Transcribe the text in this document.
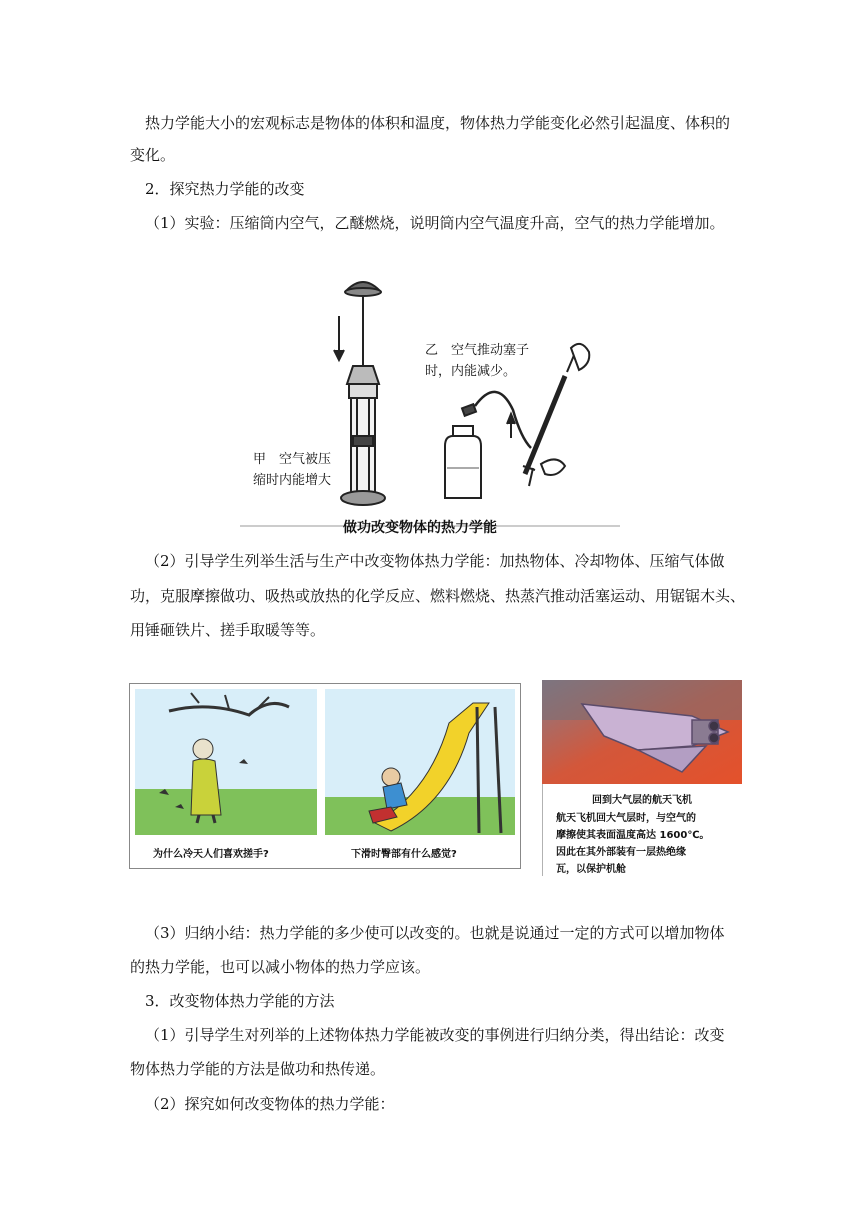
热力学能大小的宏观标志是物体的体积和温度，物体热力学能变化必然引起温度、体积的
变化。
2．探究热力学能的改变
（1）实验：压缩筒内空气，乙醚燃烧，说明筒内空气温度升高，空气的热力学能增加。
甲　空气被压
缩时内能增大
乙　空气推动塞子
时，内能减少。
做功改变物体的热力学能
（2）引导学生列举生活与生产中改变物体热力学能：加热物体、冷却物体、压缩气体做
功，克服摩擦做功、吸热或放热的化学反应、燃料燃烧、热蒸汽推动活塞运动、用锯锯木头、
用锤砸铁片、搓手取暖等等。
为什么冷天人们喜欢搓手?	下滑时臀部有什么感觉?
回到大气层的航天飞机
航天飞机回大气层时，与空气的
摩擦使其表面温度高达 1600℃。
因此在其外部装有一层热绝缘
瓦，以保护机舱
（3）归纳小结：热力学能的多少使可以改变的。也就是说通过一定的方式可以增加物体
的热力学能，也可以减小物体的热力学应该。
3．改变物体热力学能的方法
（1）引导学生对列举的上述物体热力学能被改变的事例进行归纳分类，得出结论：改变
物体热力学能的方法是做功和热传递。
（2）探究如何改变物体的热力学能：
